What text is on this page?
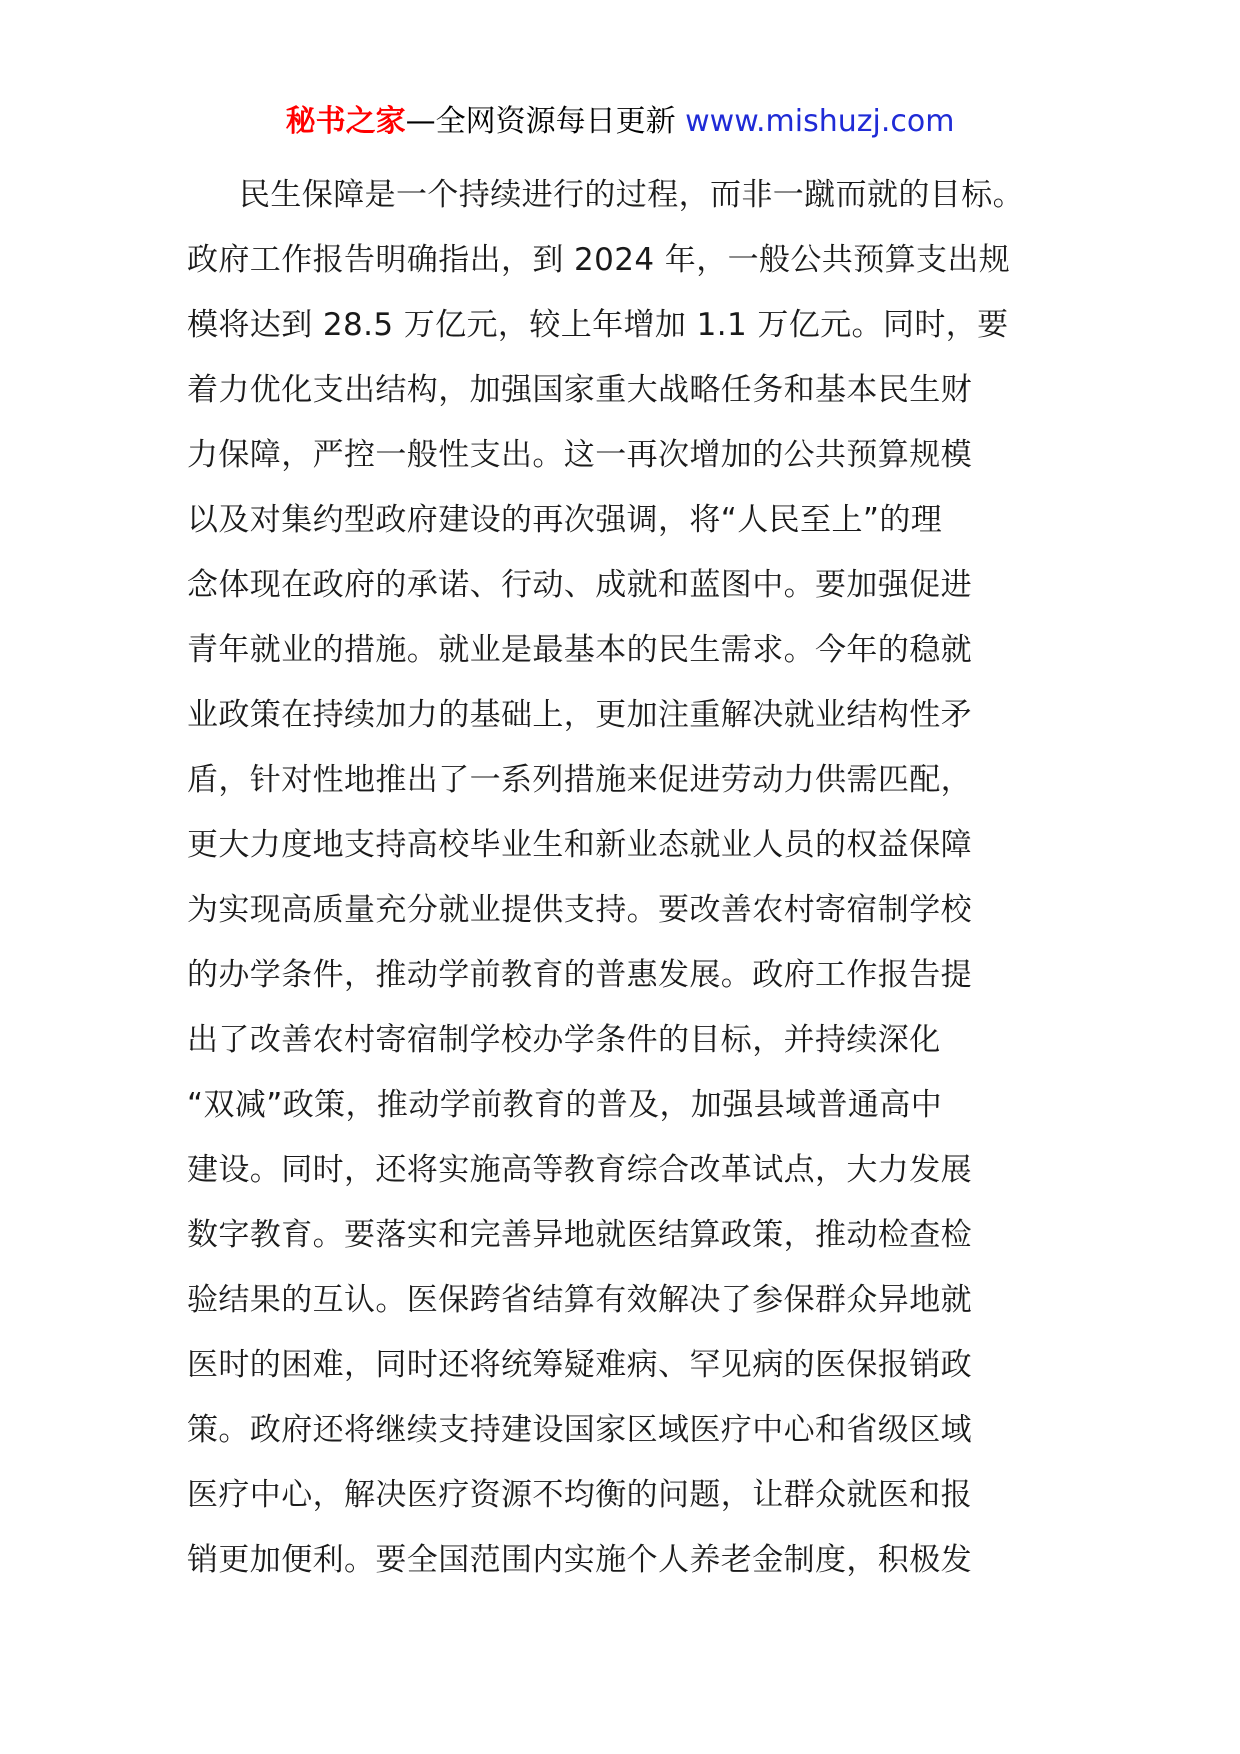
秘书之家—全网资源每日更新 www.mishuzj.com
民生保障是一个持续进行的过程，而非一蹴而就的目标。
政府工作报告明确指出，到 2024 年，一般公共预算支出规
模将达到 28.5 万亿元，较上年增加 1.1 万亿元。同时，要
着力优化支出结构，加强国家重大战略任务和基本民生财
力保障，严控一般性支出。这一再次增加的公共预算规模
以及对集约型政府建设的再次强调，将“人民至上”的理
念体现在政府的承诺、行动、成就和蓝图中。要加强促进
青年就业的措施。就业是最基本的民生需求。今年的稳就
业政策在持续加力的基础上，更加注重解决就业结构性矛
盾，针对性地推出了一系列措施来促进劳动力供需匹配，
更大力度地支持高校毕业生和新业态就业人员的权益保障
为实现高质量充分就业提供支持。要改善农村寄宿制学校
的办学条件，推动学前教育的普惠发展。政府工作报告提
出了改善农村寄宿制学校办学条件的目标，并持续深化
“双减”政策，推动学前教育的普及，加强县域普通高中
建设。同时，还将实施高等教育综合改革试点，大力发展
数字教育。要落实和完善异地就医结算政策，推动检查检
验结果的互认。医保跨省结算有效解决了参保群众异地就
医时的困难，同时还将统筹疑难病、罕见病的医保报销政
策。政府还将继续支持建设国家区域医疗中心和省级区域
医疗中心，解决医疗资源不均衡的问题，让群众就医和报
销更加便利。要全国范围内实施个人养老金制度，积极发
